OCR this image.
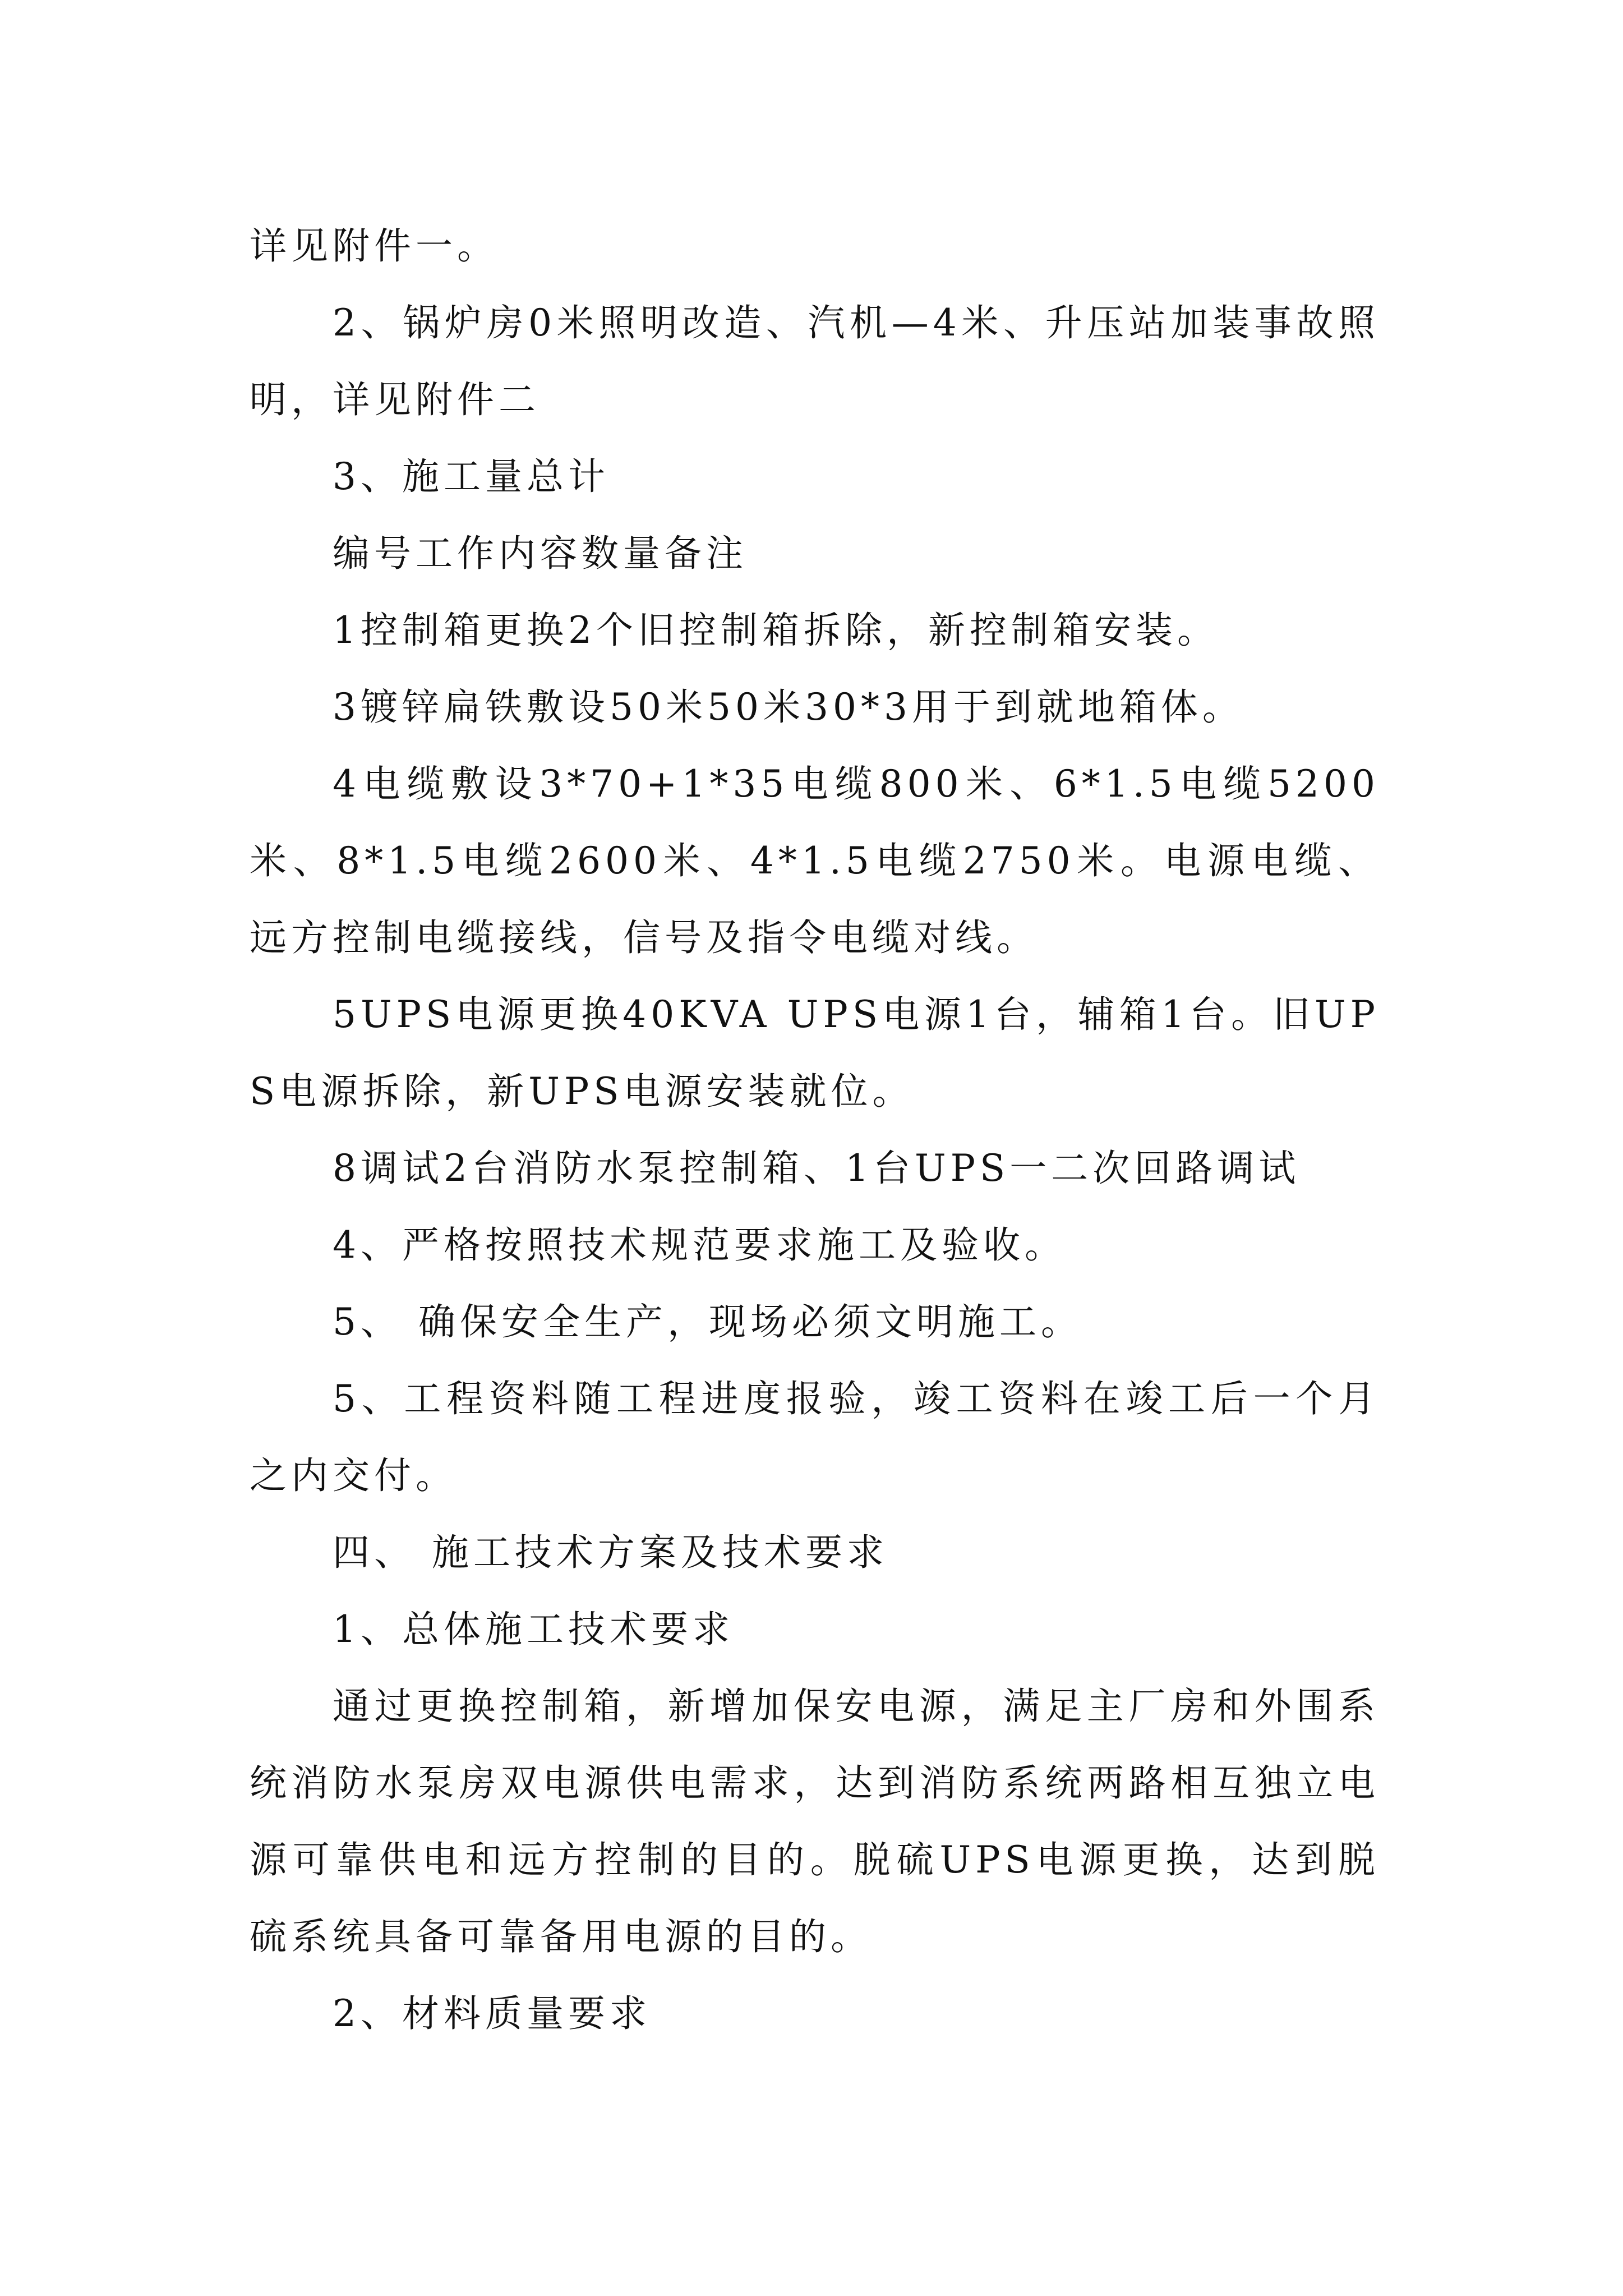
详见附件一。

2、锅炉房0米照明改造、汽机—4米、升压站加装事故照明，详见附件二

3、施工量总计

编号工作内容数量备注

1控制箱更换2个旧控制箱拆除，新控制箱安装。

3镀锌扁铁敷设50米50米30*3用于到就地箱体。

4电缆敷设3*70+1*35电缆800米、6*1.5电缆5200米、8*1.5电缆2600米、4*1.5电缆2750米。电源电缆、远方控制电缆接线，信号及指令电缆对线。

5UPS电源更换40KVA UPS电源1台，辅箱1台。旧UPS电源拆除，新UPS电源安装就位。

8调试2台消防水泵控制箱、1台UPS一二次回路调试

4、严格按照技术规范要求施工及验收。

5、 确保安全生产，现场必须文明施工。

5、工程资料随工程进度报验，竣工资料在竣工后一个月之内交付。

四、 施工技术方案及技术要求

1、总体施工技术要求

通过更换控制箱，新增加保安电源，满足主厂房和外围系统消防水泵房双电源供电需求，达到消防系统两路相互独立电源可靠供电和远方控制的目的。脱硫UPS电源更换，达到脱硫系统具备可靠备用电源的目的。

2、材料质量要求
